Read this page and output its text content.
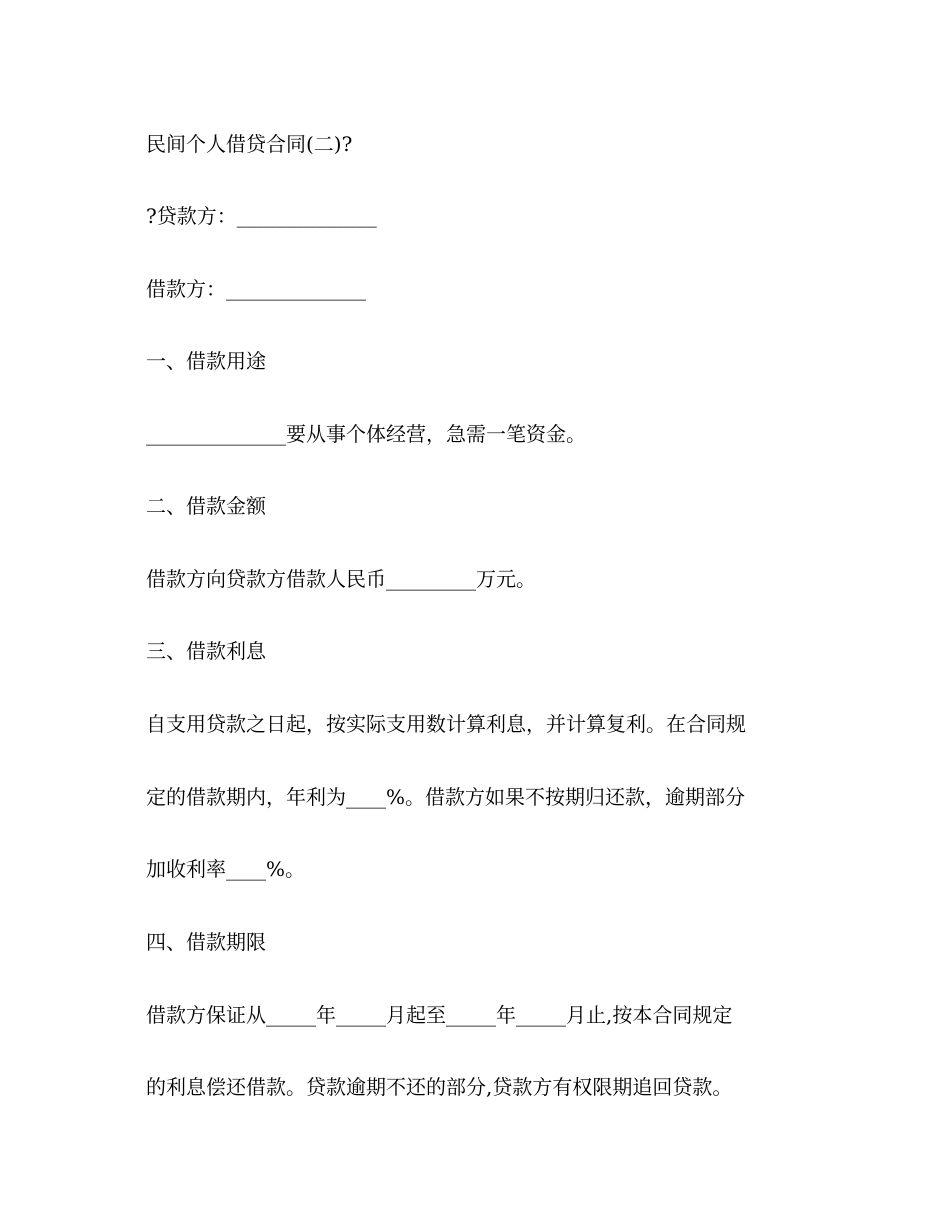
民间个人借贷合同(二)?
?贷款方：______________
借款方：______________
一、借款用途
______________要从事个体经营，急需一笔资金。
二、借款金额
借款方向贷款方借款人民币_________万元。
三、借款利息
自支用贷款之日起，按实际支用数计算利息，并计算复利。在合同规
定的借款期内，年利为____%。借款方如果不按期归还款，逾期部分
加收利率____%。
四、借款期限
借款方保证从_____年_____月起至_____年_____月止,按本合同规定
的利息偿还借款。贷款逾期不还的部分,贷款方有权限期追回贷款。
